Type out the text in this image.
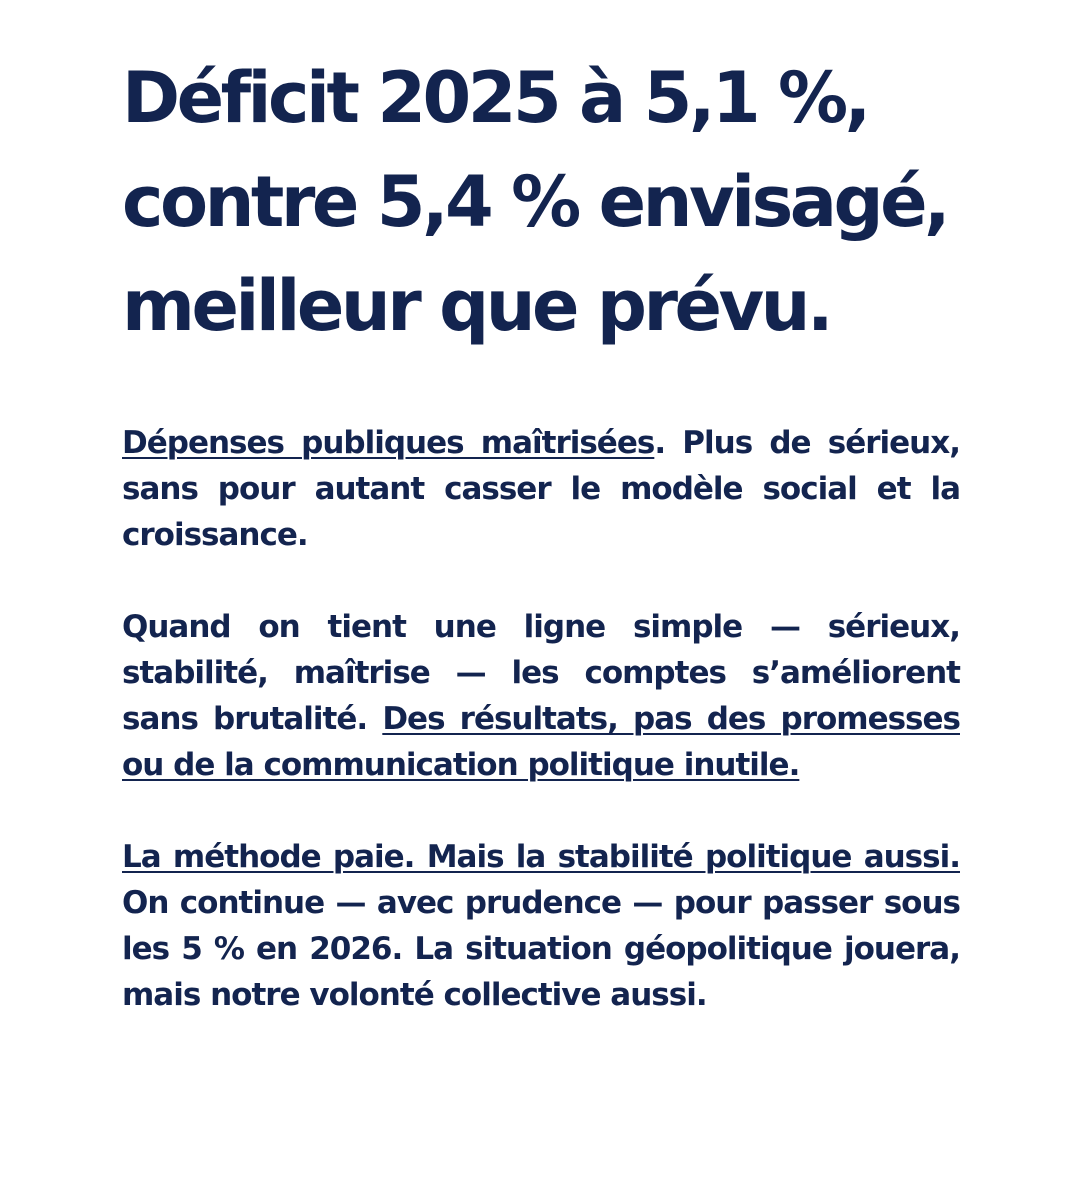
Déficit 2025 à 5,1 %,
contre 5,4 % envisagé,
meilleur que prévu.

Dépenses publiques maîtrisées. Plus de sérieux, sans pour autant casser le modèle social et la croissance.

Quand on tient une ligne simple — sérieux, stabilité, maîtrise — les comptes s’améliorent sans brutalité. Des résultats, pas des promesses ou de la communication politique inutile.

La méthode paie. Mais la stabilité politique aussi. On continue — avec prudence — pour passer sous les 5 % en 2026. La situation géopolitique jouera, mais notre volonté collective aussi.
